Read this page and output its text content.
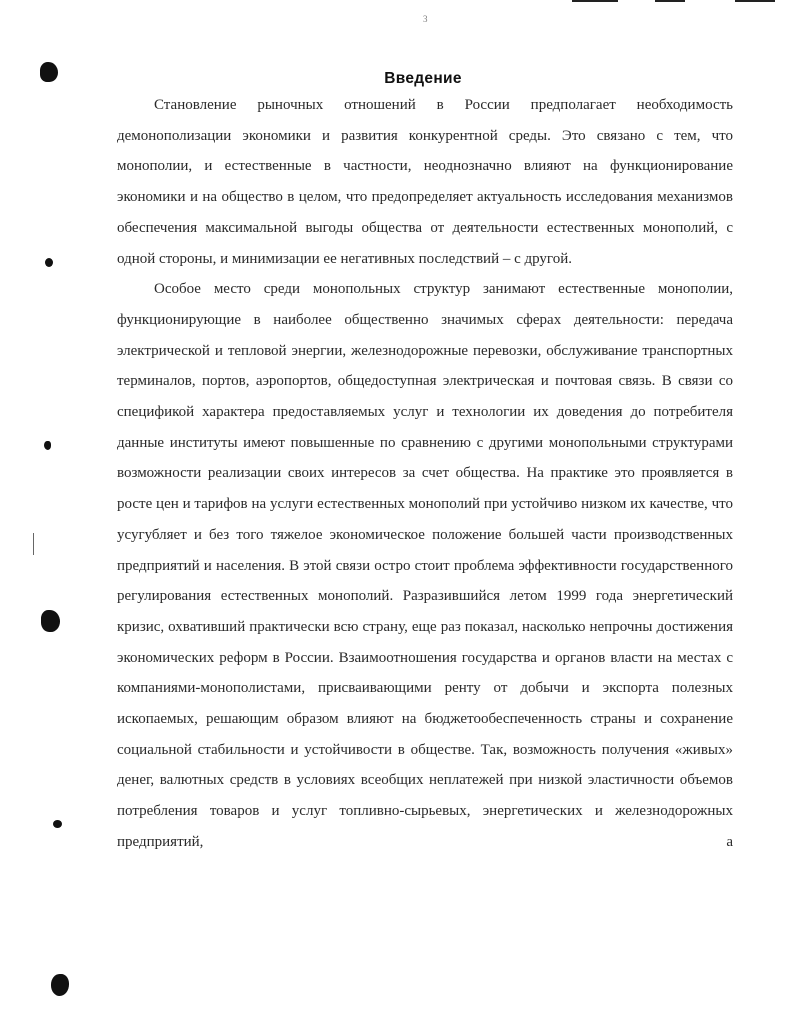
3
Введение

Становление рыночных отношений в России предполагает необходимость демонополизации экономики и развития конкурентной среды. Это связано с тем, что монополии, и естественные в частности, неоднозначно влияют на функционирование экономики и на общество в целом, что предопределяет актуальность исследования механизмов обеспечения максимальной выгоды общества от деятельности естественных монополий, с одной стороны, и минимизации ее негативных последствий – с другой.

Особое место среди монопольных структур занимают естественные монополии, функционирующие в наиболее общественно значимых сферах деятельности: передача электрической и тепловой энергии, железнодорожные перевозки, обслуживание транспортных терминалов, портов, аэропортов, общедоступная электрическая и почтовая связь. В связи со спецификой характера предоставляемых услуг и технологии их доведения до потребителя данные институты имеют повышенные по сравнению с другими монопольными структурами возможности реализации своих интересов за счет общества. На практике это проявляется в росте цен и тарифов на услуги естественных монополий при устойчиво низком их качестве, что усугубляет и без того тяжелое экономическое положение большей части производственных предприятий и населения. В этой связи остро стоит проблема эффективности государственного регулирования естественных монополий. Разразившийся летом 1999 года энергетический кризис, охвативший практически всю страну, еще раз показал, насколько непрочны достижения экономических реформ в России. Взаимоотношения государства и органов власти на местах с компаниями-монополистами, присваивающими ренту от добычи и экспорта полезных ископаемых, решающим образом влияют на бюджетообеспеченность страны и сохранение социальной стабильности и устойчивости в обществе. Так, возможность получения «живых» денег, валютных средств в условиях всеобщих неплатежей при низкой эластичности объемов потребления товаров и услуг топливно-сырьевых, энергетических и железнодорожных предприятий, а
